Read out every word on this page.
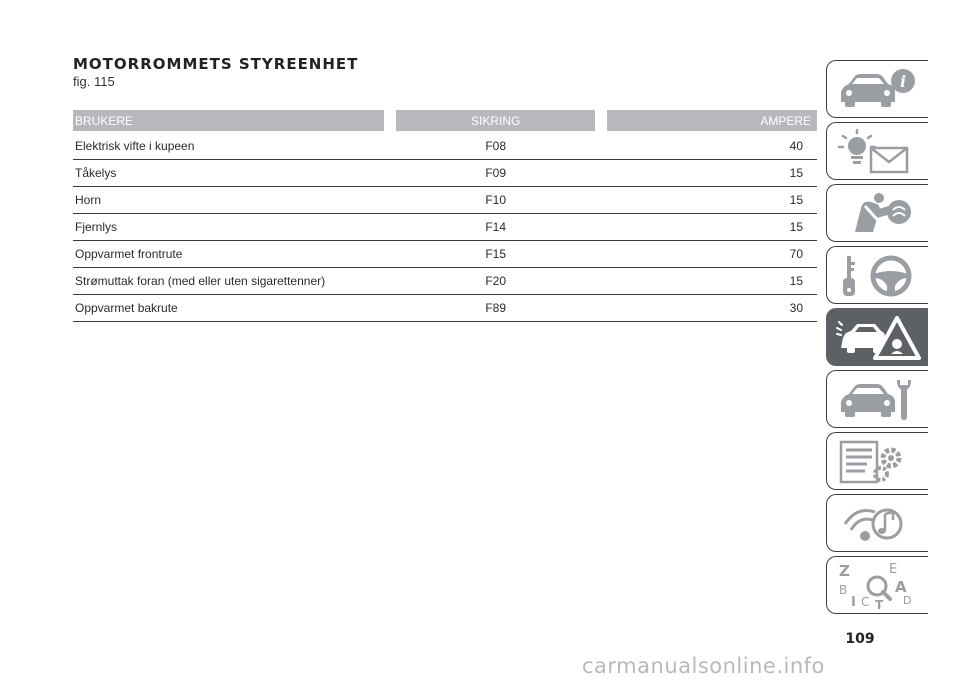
MOTORROMMETS STYREENHET
fig. 115
BRUKERE		SIKRING		AMPERE
Elektrisk vifte i kupeen		F08	40	
Tåkelys		F09	15	
Horn		F10	15	
Fjernlys		F14	15	
Oppvarmet frontrute		F15	70	
Strømuttak foran (med eller uten sigarettenner)		F20	15	
Oppvarmet bakrute		F89	30	
i
Z	E
A
B
D
I C T
109
carmanualsonline.info
